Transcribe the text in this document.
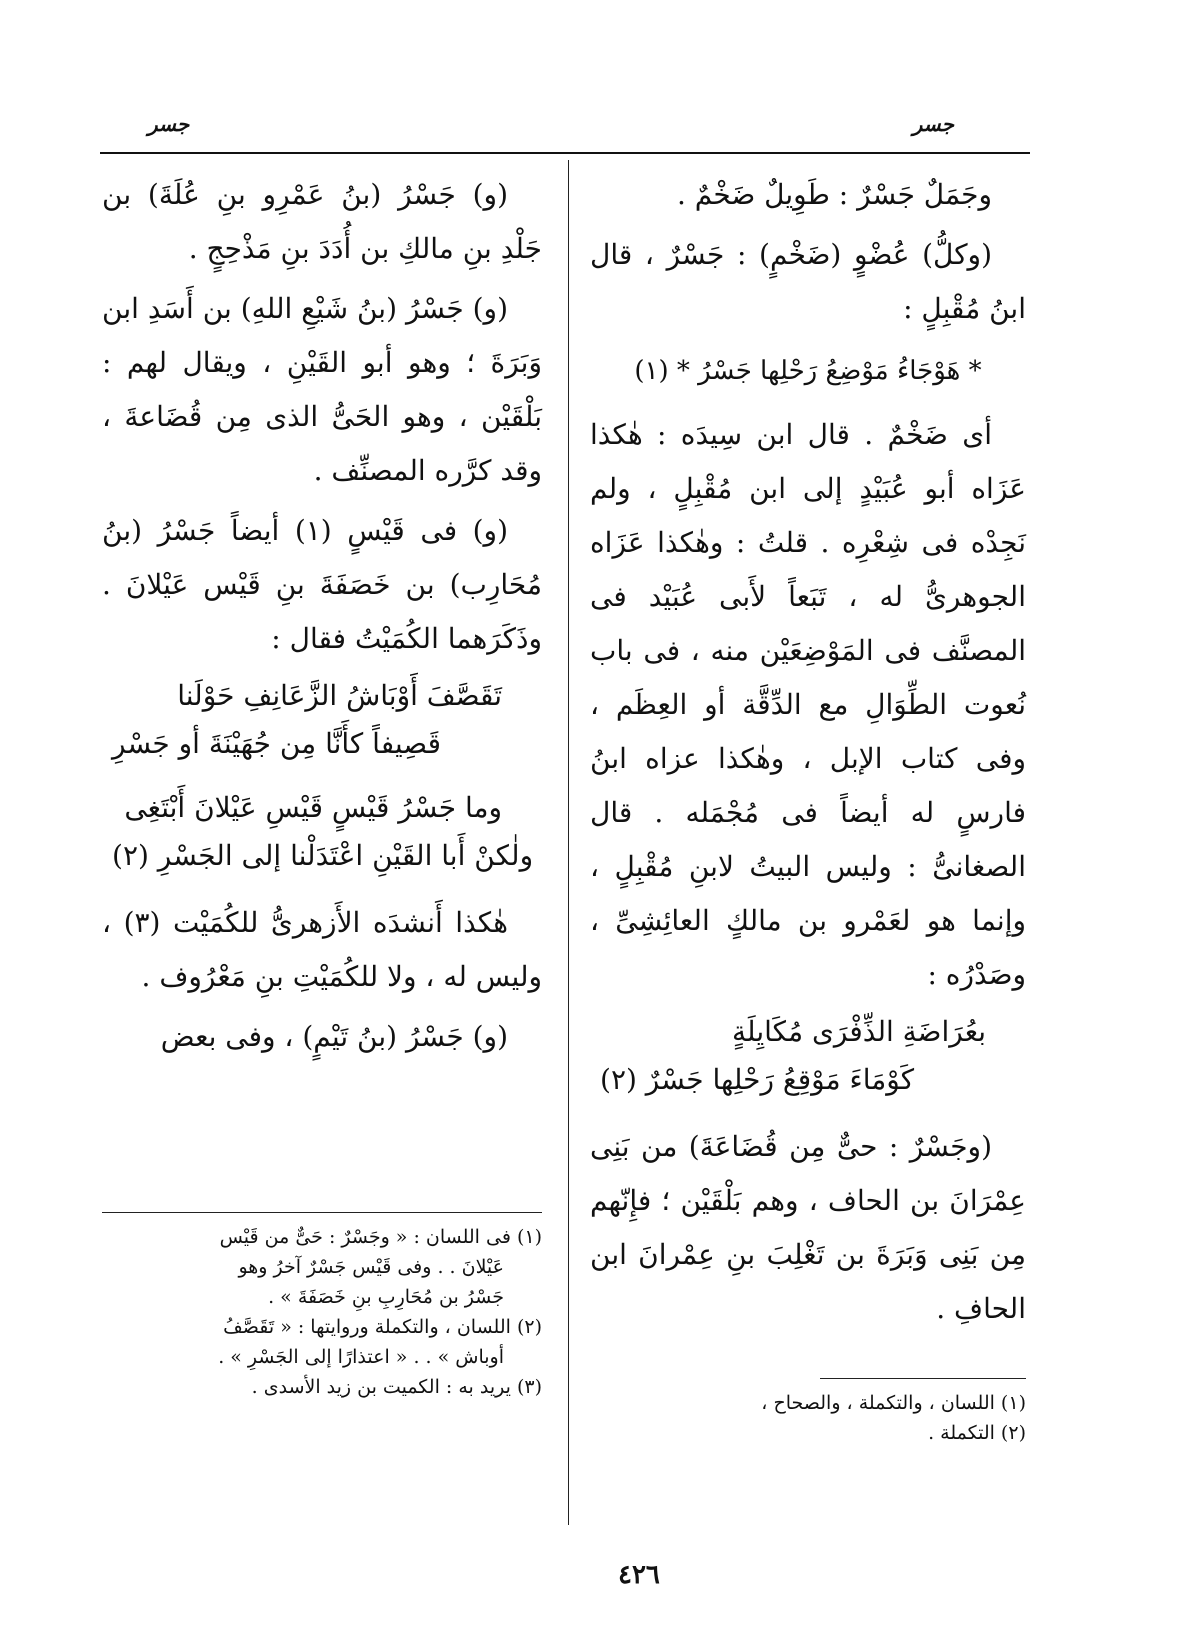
جسر
جسر

وجَمَلٌ جَسْرٌ : طَوِيلٌ ضَخْمٌ .

(وكلُّ) عُضْوٍ (ضَخْمٍ) : جَسْرٌ ، قال ابنُ مُقْبِلٍ :

* هَوْجَاءُ مَوْضِعُ رَحْلِها جَسْرُ * (١)

أى ضَخْمٌ . قال ابن سِيدَه : هٰكذا عَزَاه أبو عُبَيْدٍ إلى ابن مُقْبِلٍ ، ولم نَجِدْه فى شِعْرِه . قلتُ : وهٰكذا عَزَاه الجوهرىُّ له ، تَبَعاً لأَبى عُبَيْد فى المصنَّف فى المَوْضِعَيْن منه ، فى باب نُعوت الطِّوَالِ مع الدِّقَّة أو العِظَم ، وفى كتاب الإبل ، وهٰكذا عزاه ابنُ فارسٍ له أيضاً فى مُجْمَله . قال الصغانىُّ : وليس البيتُ لابنِ مُقْبِلٍ ، وإنما هو لعَمْرو بن مالكٍ العائِشِىِّ ، وصَدْرُه :

بعُرَاضَةِ الذِّفْرَى مُكَايِلَةٍ
كَوْمَاءَ مَوْقِعُ رَحْلِها جَسْرٌ (٢)

(وجَسْرٌ : حىٌّ مِن قُضَاعَةَ) من بَنِى عِمْرَانَ بن الحاف ، وهم بَلْقَيْن ؛ فإِنّهم مِن بَنِى وَبَرَةَ بن تَغْلِبَ بنِ عِمْرانَ ابن الحافِ .

(١) اللسان ، والتكملة ، والصحاح ،
(٢) التكملة .

(و) جَسْرُ (بنُ عَمْرِو بنِ عُلَةَ) بن جَلْدِ بنِ مالكِ بن أُدَدَ بنِ مَذْحِجٍ .

(و) جَسْرُ (بنُ شَيْعِ اللهِ) بن أَسَدِ ابن وَبَرَةَ ؛ وهو أبو القَيْنِ ، ويقال لهم : بَلْقَيْن ، وهو الحَىُّ الذى مِن قُضَاعةَ ، وقد كرَّره المصنِّف .

(و) فى قَيْسٍ (١) أيضاً جَسْرُ (بنُ مُحَارِب) بن خَصَفَةَ بنِ قَيْس عَيْلانَ . وذَكَرَهما الكُمَيْتُ فقال :

تَقَصَّفَ أَوْبَاشُ الزَّعَانِفِ حَوْلَنا
قَصِيفاً كأَنَّا مِن جُهَيْنَةَ أو جَسْرِ
وما جَسْرُ قَيْسٍ قَيْسِ عَيْلانَ أَبْتَغِى
ولٰكنْ أَبا القَيْنِ اعْتَدَلْنا إلى الجَسْرِ (٢)

هٰكذا أَنشدَه الأَزهرىُّ للكُمَيْت (٣) ، وليس له ، ولا للكُمَيْتِ بنِ مَعْرُوف .

(و) جَسْرُ (بنُ تَيْمٍ) ، وفى بعض

(١) فى اللسان : « وجَسْرٌ : حَىٌّ من قَيْس
عَيْلانَ . . وفى قَيْس جَسْرٌ آخرُ وهو
جَسْرُ بن مُحَارِبِ بنِ خَصَفَةَ » .
(٢) اللسان ، والتكملة وروايتها : « تَقَصَّفُ
أوباش » . . « اعتذارًا إلى الجَسْرِ » .
(٣) يريد به : الكميت بن زيد الأسدى .
٤٢٦
